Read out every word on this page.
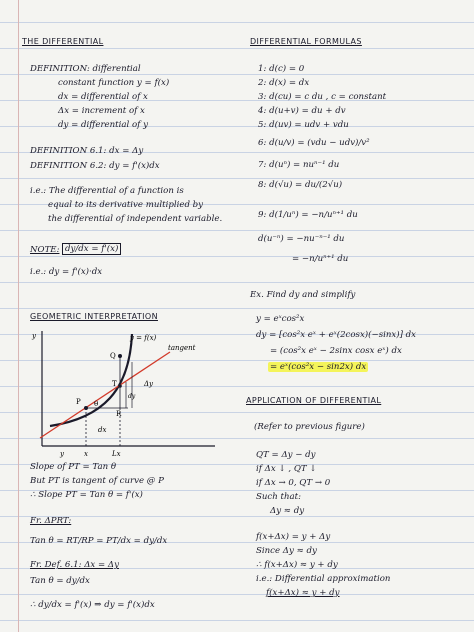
THE DIFFERENTIAL
DEFINITION: differential
constant function y = f(x)
dx = differential of x
Δx = increment of x
dy = differential of y
DEFINITION 6.1: dx = Δy
DEFINITION 6.2: dy = f'(x)dx
i.e.: The differential of a function is
equal to its derivative multiplied by
the differential of independent variable.
NOTE: dy/dx = f'(x)
i.e.: dy = f'(x)·dx
GEOMETRIC INTERPRETATION
y = f(x)
tangent
Q
T
P
R
θ
Δy
dy
dx
x
y
y
Lx
Slope of PT = Tan θ
But PT is tangent of curve @ P
∴ Slope PT = Tan θ = f'(x)
Fr. ΔPRT:
Tan θ = RT/RP = PT/dx = dy/dx
Fr. Def. 6.1: Δx = Δy
Tan θ = dy/dx
∴ dy/dx = f'(x) ⇒ dy = f'(x)dx
DIFFERENTIAL FORMULAS
1: d(c) = 0
2: d(x) = dx
3: d(cu) = c du , c = constant
4: d(u+v) = du + dv
5: d(uv) = udv + vdu
6: d(u/v) = (vdu − udv)/v²
7: d(uⁿ) = nuⁿ⁻¹ du
8: d(√u) = du/(2√u)
9: d(1/uⁿ) = −n/uⁿ⁺¹ du
d(u⁻ⁿ) = −nu⁻ⁿ⁻¹ du
= −n/uⁿ⁺¹ du
Ex. Find dy and simplify
y = eˣcos²x
dy = [cos²x eˣ + eˣ(2cosx)(−sinx)] dx
= (cos²x eˣ − 2sinx cosx eˣ) dx
= eˣ(cos²x − sin2x) dx
APPLICATION OF DIFFERENTIAL
(Refer to previous figure)
QT = Δy − dy
if Δx ↓ , QT ↓
if Δx → 0, QT → 0
Such that:
Δy ≈ dy
f(x+Δx) = y + Δy
Since Δy ≈ dy
∴ f(x+Δx) ≈ y + dy
i.e.: Differential approximation
f(x+Δx) ≈ y + dy
